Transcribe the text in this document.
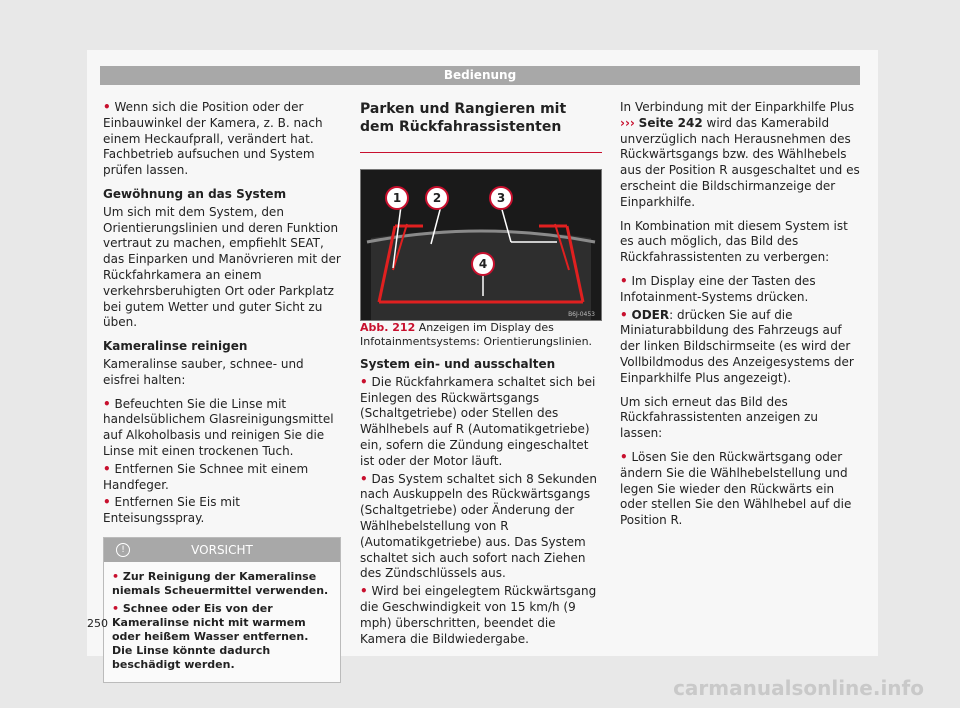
Bedienung

• Wenn sich die Position oder der Einbauwinkel der Kamera, z. B. nach einem Heckaufprall, verändert hat. Fachbetrieb aufsuchen und System prüfen lassen.

Gewöhnung an das System

Um sich mit dem System, den Orientierungslinien und deren Funktion vertraut zu machen, empfiehlt SEAT, das Einparken und Manövrieren mit der Rückfahrkamera an einem verkehrsberuhigten Ort oder Parkplatz bei gutem Wetter und guter Sicht zu üben.

Kameralinse reinigen

Kameralinse sauber, schnee- und eisfrei halten:

• Befeuchten Sie die Linse mit handelsüblichem Glasreinigungsmittel auf Alkoholbasis und reinigen Sie die Linse mit einen trockenen Tuch.

• Entfernen Sie Schnee mit einem Handfeger.

• Entfernen Sie Eis mit Enteisungsspray.

!	VORSICHT

• Zur Reinigung der Kameralinse niemals Scheuermittel verwenden.

• Schnee oder Eis von der Kameralinse nicht mit warmem oder heißem Wasser entfernen. Die Linse könnte dadurch beschädigt werden.

Parken und Rangieren mit dem Rückfahrassistenten

1	2	3
4
B6J-0453

Abb. 212 Anzeigen im Display des Infotainmentsystems: Orientierungslinien.

System ein- und ausschalten

• Die Rückfahrkamera schaltet sich bei Einlegen des Rückwärtsgangs (Schaltgetriebe) oder Stellen des Wählhebels auf R (Automatikgetriebe) ein, sofern die Zündung eingeschaltet ist oder der Motor läuft.

• Das System schaltet sich 8 Sekunden nach Auskuppeln des Rückwärtsgangs (Schaltgetriebe) oder Änderung der Wählhebelstellung von R (Automatikgetriebe) aus. Das System schaltet sich auch sofort nach Ziehen des Zündschlüssels aus.

• Wird bei eingelegtem Rückwärtsgang die Geschwindigkeit von 15 km/h (9 mph) überschritten, beendet die Kamera die Bildwiedergabe.

In Verbindung mit der Einparkhilfe Plus ››› Seite 242 wird das Kamerabild unverzüglich nach Herausnehmen des Rückwärtsgangs bzw. des Wählhebels aus der Position R ausgeschaltet und es erscheint die Bildschirmanzeige der Einparkhilfe.

In Kombination mit diesem System ist es auch möglich, das Bild des Rückfahrassistenten zu verbergen:

• Im Display eine der Tasten des Infotainment-Systems drücken.

• ODER: drücken Sie auf die Miniaturabbildung des Fahrzeugs auf der linken Bildschirmseite (es wird der Vollbildmodus des Anzeigesystems der Einparkhilfe Plus angezeigt).

Um sich erneut das Bild des Rückfahrassistenten anzeigen zu lassen:

• Lösen Sie den Rückwärtsgang oder ändern Sie die Wählhebelstellung und legen Sie wieder den Rückwärts ein oder stellen Sie den Wählhebel auf die Position R.

250
carmanualsonline.info
